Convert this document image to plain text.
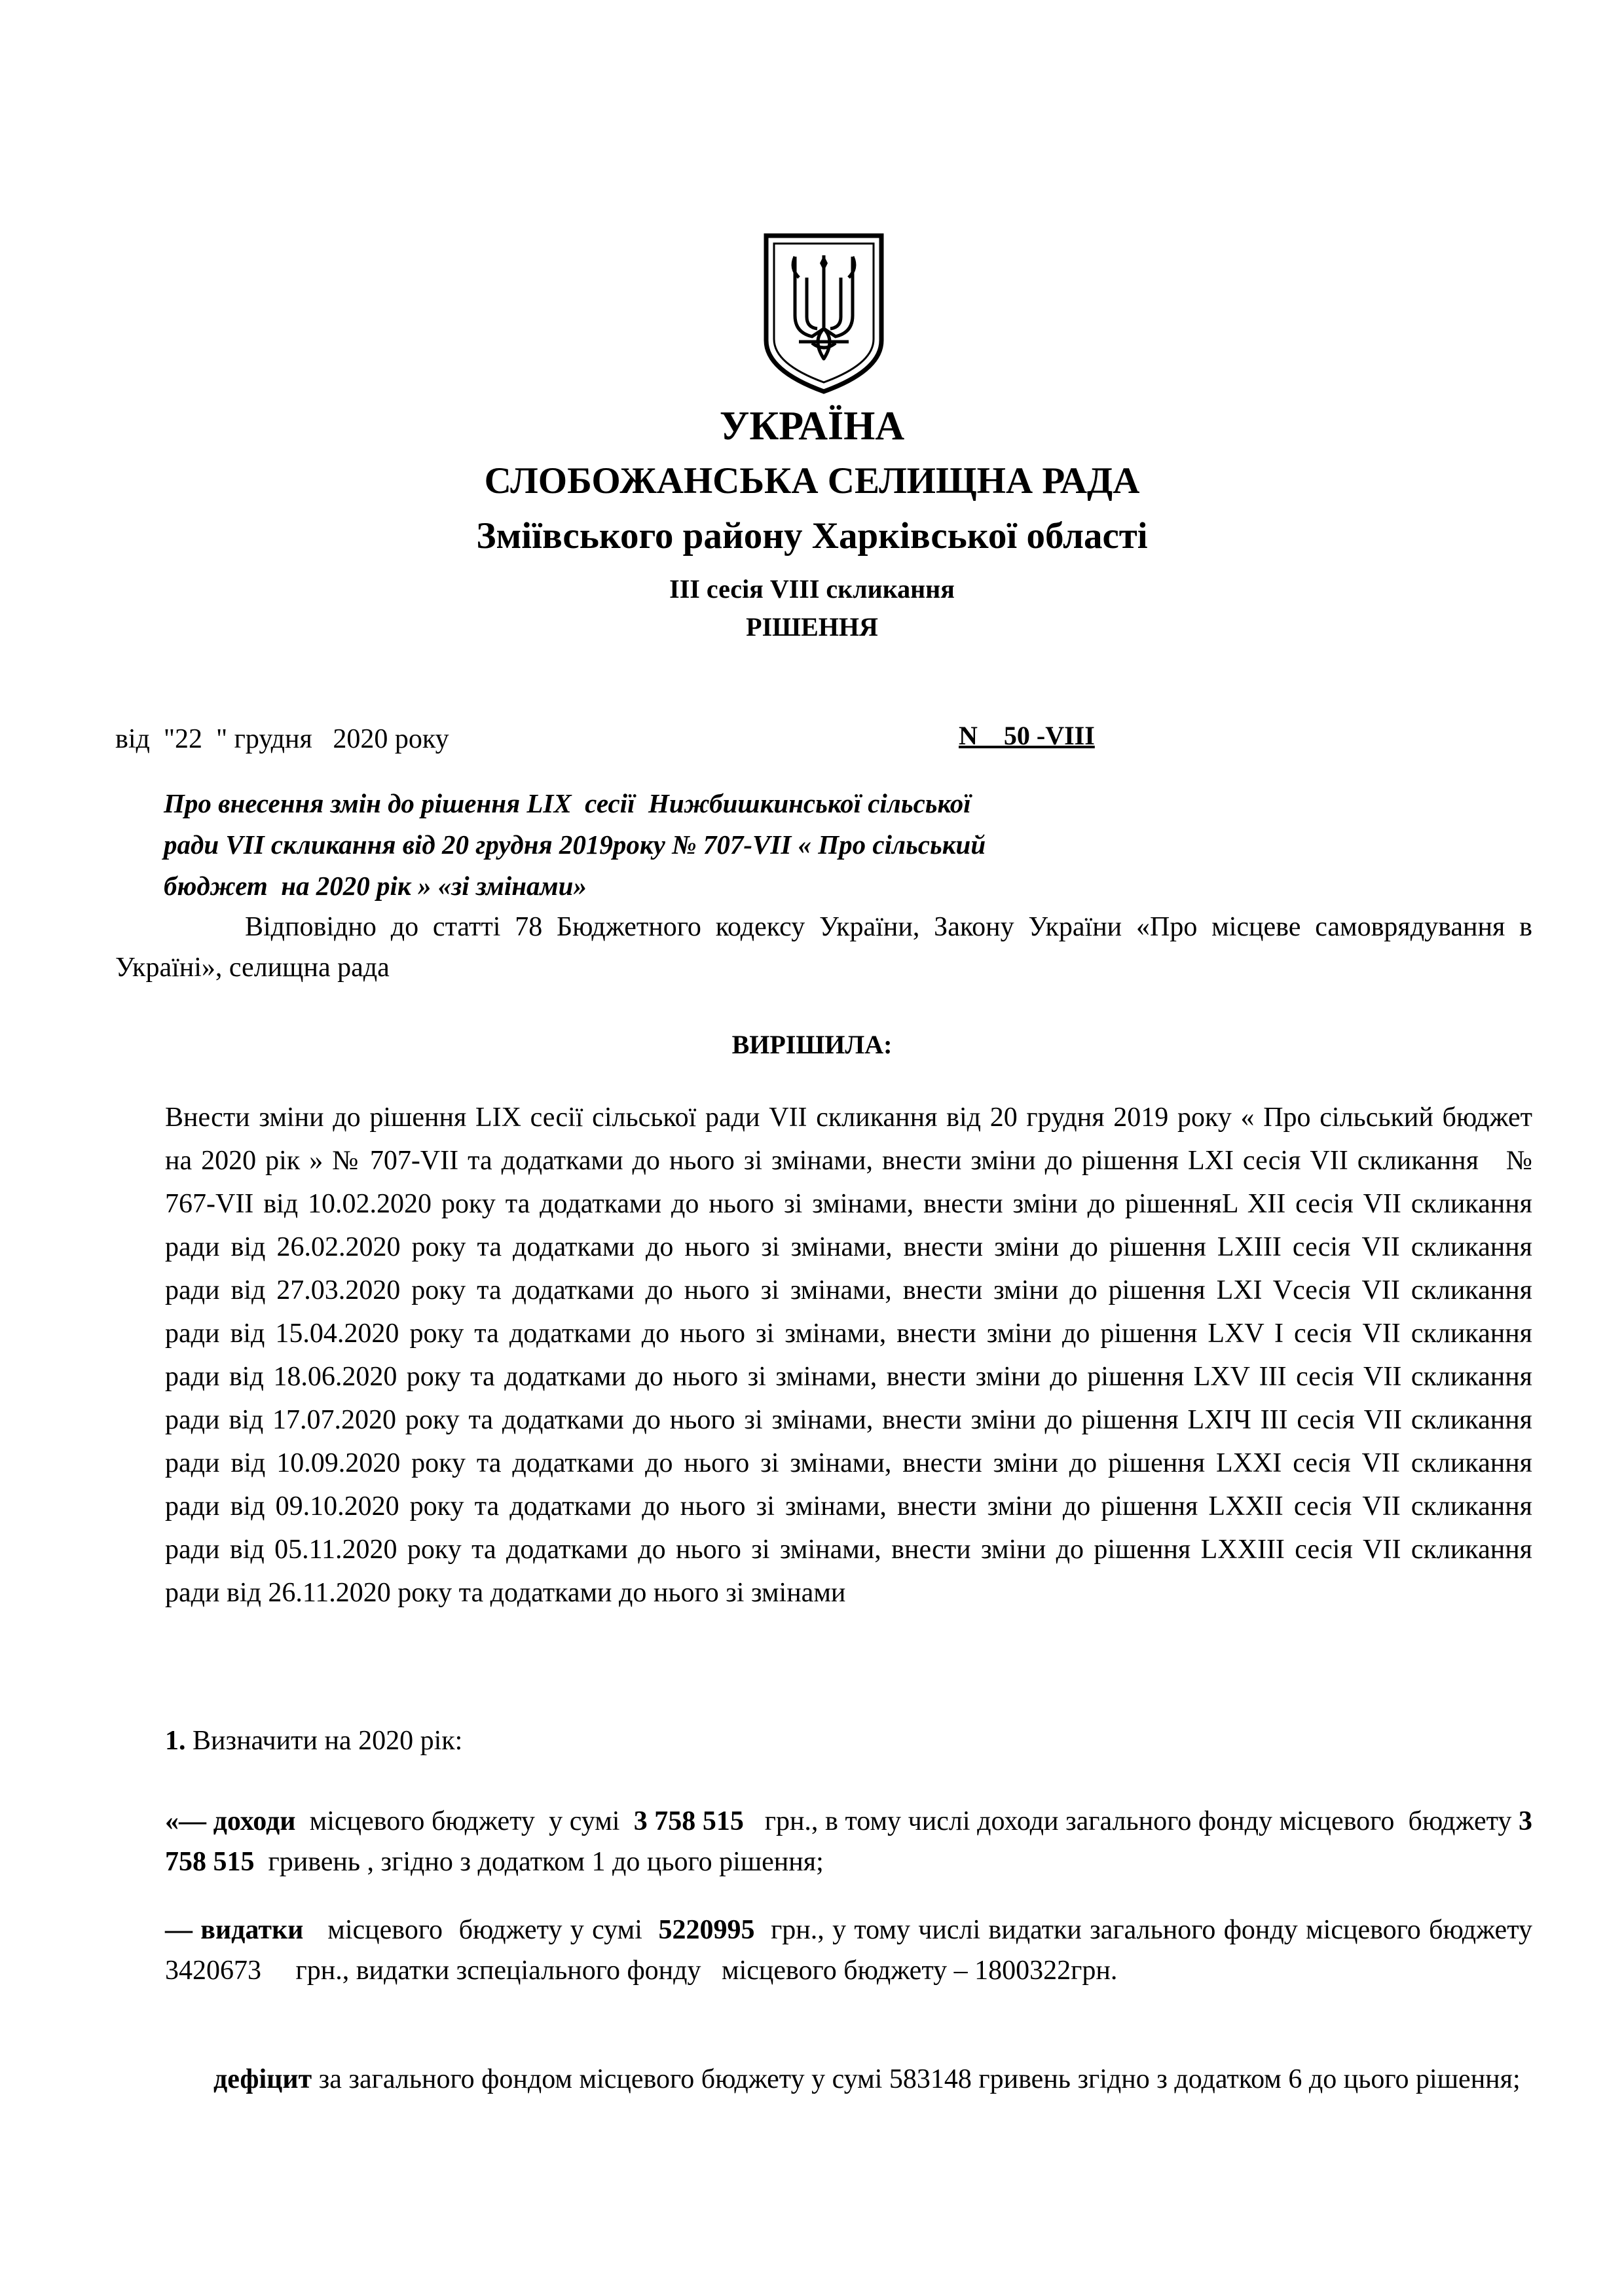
УКРАЇНА
СЛОБОЖАНСЬКА СЕЛИЩНА РАДА
Зміївського району Харківської області
ІІІ сесія VIII скликання
РІШЕННЯ
від  "22  " грудня   2020 року	N    50 -VIII
Про внесення змін до рішення LIX  сесії  Нижбишкинської сільської
ради VII скликання від 20 грудня 2019року № 707-VII « Про сільський
бюджет  на 2020 рік » «зі змінами»
Відповідно до статті 78 Бюджетного кодексу України, Закону України «Про місцеве самоврядування в Україні», селищна рада
ВИРІШИЛА:
Внести зміни до рішення LIX сесії сільської ради VII скликання від 20 грудня 2019 року « Про сільський бюджет  на 2020 рік » № 707-VII та додатками до нього зі змінами, внести зміни до рішення LXI сесія VII скликання   №   767-VII від 10.02.2020 року та додатками до нього зі змінами, внести зміни до рішенняL XII сесія VII скликання    ради від 26.02.2020 року та додатками до нього зі змінами, внести зміни до рішення LXIII сесія VII скликання   ради від 27.03.2020 року та додатками до нього зі змінами, внести зміни до рішення LXI Vсесія VII скликання   ради від 15.04.2020 року та додатками до нього зі змінами, внести зміни до рішення LXV I сесія VII скликання   ради від 18.06.2020 року та додатками до нього зі змінами, внести зміни до рішення LXV III сесія VII скликання   ради від 17.07.2020 року та додатками до нього зі змінами, внести зміни до рішення LXIЧ III сесія VII скликання    ради від 10.09.2020 року та додатками до нього зі змінами, внести зміни до рішення LXXI сесія VII скликання    ради від 09.10.2020 року та додатками до нього зі змінами, внести зміни до рішення LXXII сесія VII скликання   ради від 05.11.2020 року та додатками до нього зі змінами, внести зміни до рішення LXXIII сесія VII скликання   ради від 26.11.2020 року та додатками до нього зі змінами
1. Визначити на 2020 рік:
«— доходи  місцевого бюджету  у сумі  3 758 515   грн., в тому числі доходи загального фонду місцевого  бюджету 3 758 515  гривень , згідно з додатком 1 до цього рішення;
— видатки   місцевого  бюджету у сумі  5220995  грн., у тому числі видатки загального фонду місцевого бюджету 3420673     грн., видатки зспеціального фонду   місцевого бюджету – 1800322грн.
дефіцит за загального фондом місцевого бюджету у сумі 583148 гривень згідно з додатком 6 до цього рішення;
